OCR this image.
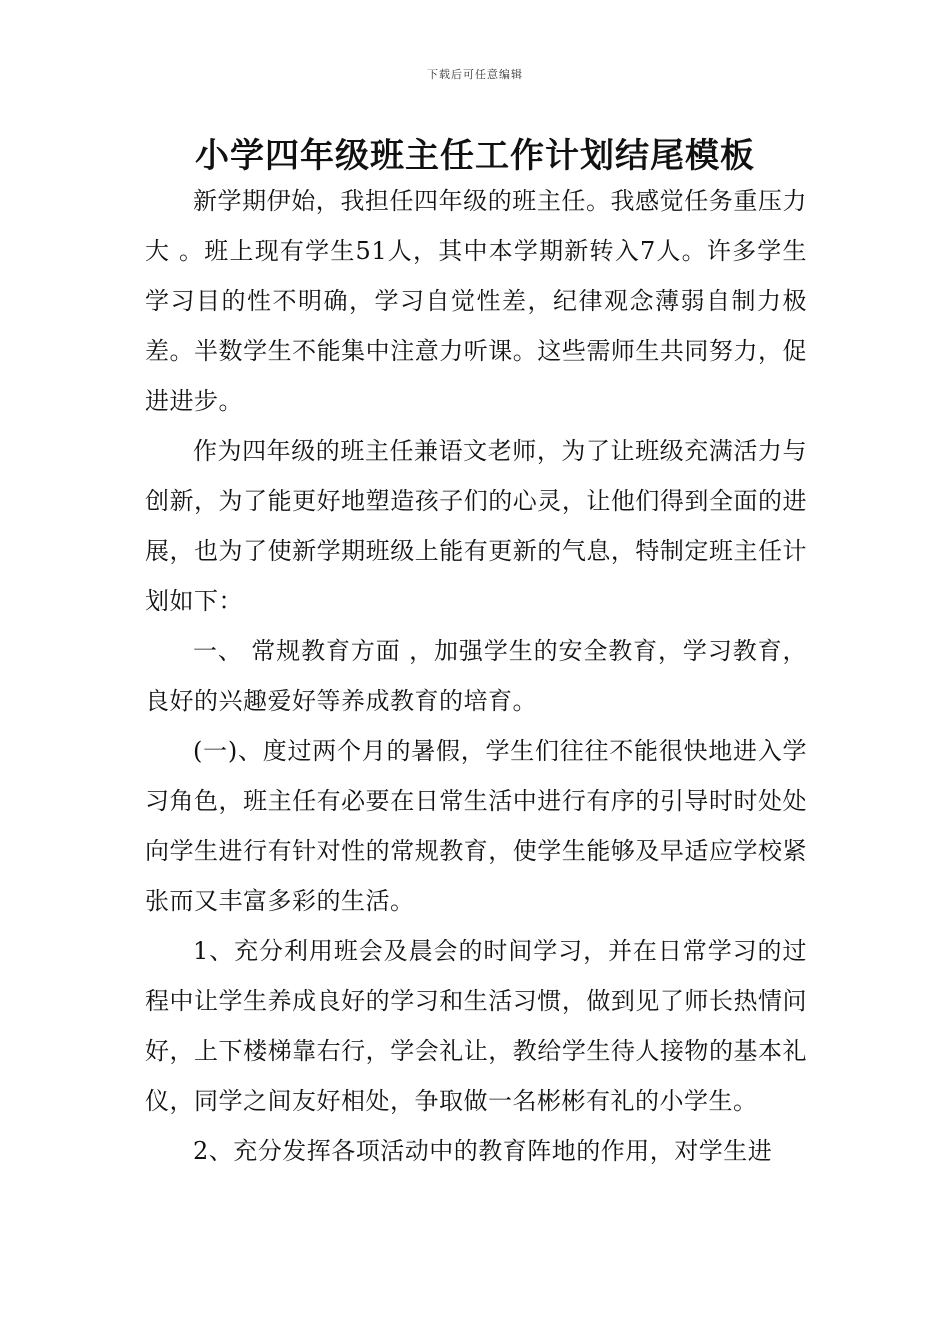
下载后可任意编辑
小学四年级班主任工作计划结尾模板

新学期伊始，我担任四年级的班主任。我感觉任务重压力大 。班上现有学生51人，其中本学期新转入7人。许多学生学习目的性不明确，学习自觉性差，纪律观念薄弱自制力极差。半数学生不能集中注意力听课。这些需师生共同努力，促进进步。

作为四年级的班主任兼语文老师，为了让班级充满活力与创新，为了能更好地塑造孩子们的心灵，让他们得到全面的进展，也为了使新学期班级上能有更新的气息，特制定班主任计划如下：

一、 常规教育方面 ，加强学生的安全教育，学习教育，良好的兴趣爱好等养成教育的培育。

(一)、度过两个月的暑假，学生们往往不能很快地进入学习角色，班主任有必要在日常生活中进行有序的引导时时处处向学生进行有针对性的常规教育，使学生能够及早适应学校紧张而又丰富多彩的生活。

1、充分利用班会及晨会的时间学习，并在日常学习的过程中让学生养成良好的学习和生活习惯，做到见了师长热情问好，上下楼梯靠右行，学会礼让，教给学生待人接物的基本礼仪，同学之间友好相处，争取做一名彬彬有礼的小学生。

2、充分发挥各项活动中的教育阵地的作用，对学生进
